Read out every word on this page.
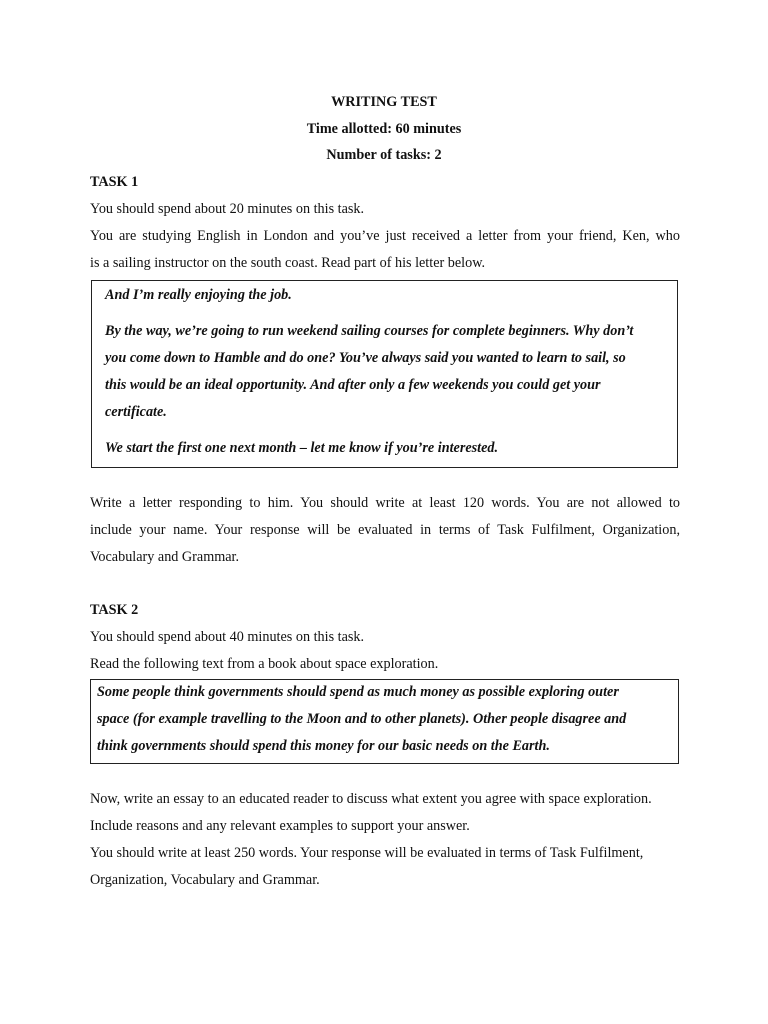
WRITING TEST
Time allotted: 60 minutes
Number of tasks: 2
TASK 1
You should spend about 20 minutes on this task.
You are studying English in London and you’ve just received a letter from your friend, Ken, who
is a sailing instructor on the south coast. Read part of his letter below.
And I’m really enjoying the job.
By the way, we’re going to run weekend sailing courses for complete beginners. Why don’t
you come down to Hamble and do one? You’ve always said you wanted to learn to sail, so
this would be an ideal opportunity. And after only a few weekends you could get your
certificate.
We start the first one next month – let me know if you’re interested.
Write a letter responding to him. You should write at least 120 words. You are not allowed to
include your name. Your response will be evaluated in terms of Task Fulfilment, Organization,
Vocabulary and Grammar.
TASK 2
You should spend about 40 minutes on this task.
Read the following text from a book about space exploration.
Some people think governments should spend as much money as possible exploring outer
space (for example travelling to the Moon and to other planets). Other people disagree and
think governments should spend this money for our basic needs on the Earth.
Now, write an essay to an educated reader to discuss what extent you agree with space exploration.
Include reasons and any relevant examples to support your answer.
You should write at least 250 words. Your response will be evaluated in terms of Task Fulfilment,
Organization, Vocabulary and Grammar.
